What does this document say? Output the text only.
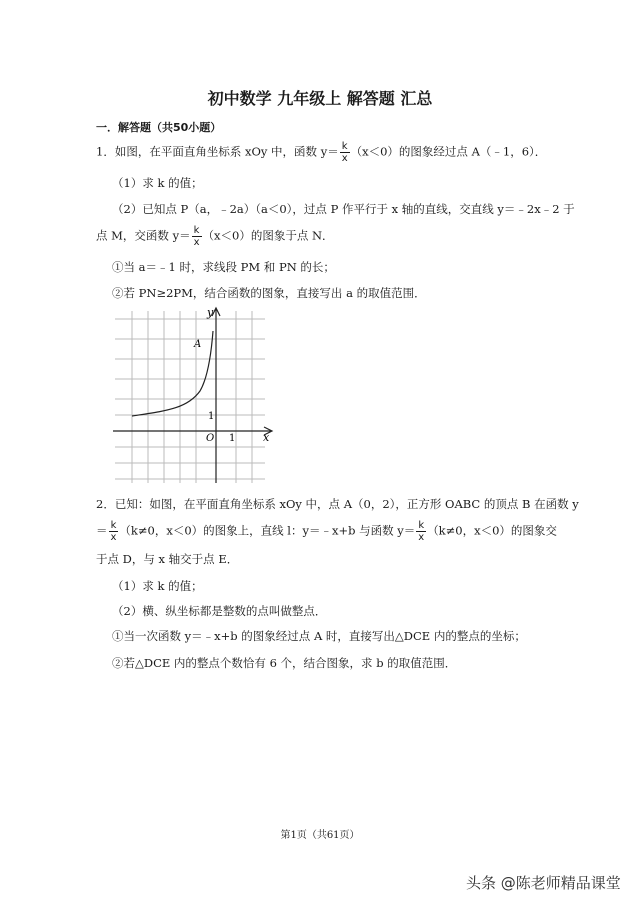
初中数学 九年级上 解答题 汇总
一．解答题（共50小题）
1．如图，在平面直角坐标系 xOy 中，函数 $y= \frac{k}{x} (x<0)$的图象经过点 A（﹣1，6）．
（1）求 k 的值；
（2）已知点 P（a，﹣2a）（a＜0），过点 P 作平行于 x 轴的直线，交直线 y＝﹣2x﹣2 于
点 M，交函数 $y= \frac{k}{x} (x<0)$的图象于点 N．
①当 a＝﹣1 时，求线段 PM 和 PN 的长；
②若 PN≥2PM，结合函数的图象，直接写出 a 的取值范围．
y
x
O 1
1
A
2．已知：如图，在平面直角坐标系 xOy 中，点 A（0，2），正方形 OABC 的顶点 B 在函数 y
＝ $\frac{k}{x} (k\ne 0$，x＜0）的图象上，直线 l：y＝﹣x+b 与函数 $y= \frac{k}{x} (k\ne 0$，x＜0）的图象交
于点 D，与 x 轴交于点 E．
（1）求 k 的值；
（2）横、纵坐标都是整数的点叫做整点．
①当一次函数 y＝﹣x+b 的图象经过点 A 时，直接写出△DCE 内的整点的坐标；
②若△DCE 内的整点个数恰有 6 个，结合图象，求 b 的取值范围．
第1页（共61页）
头条 @陈老师精品课堂
